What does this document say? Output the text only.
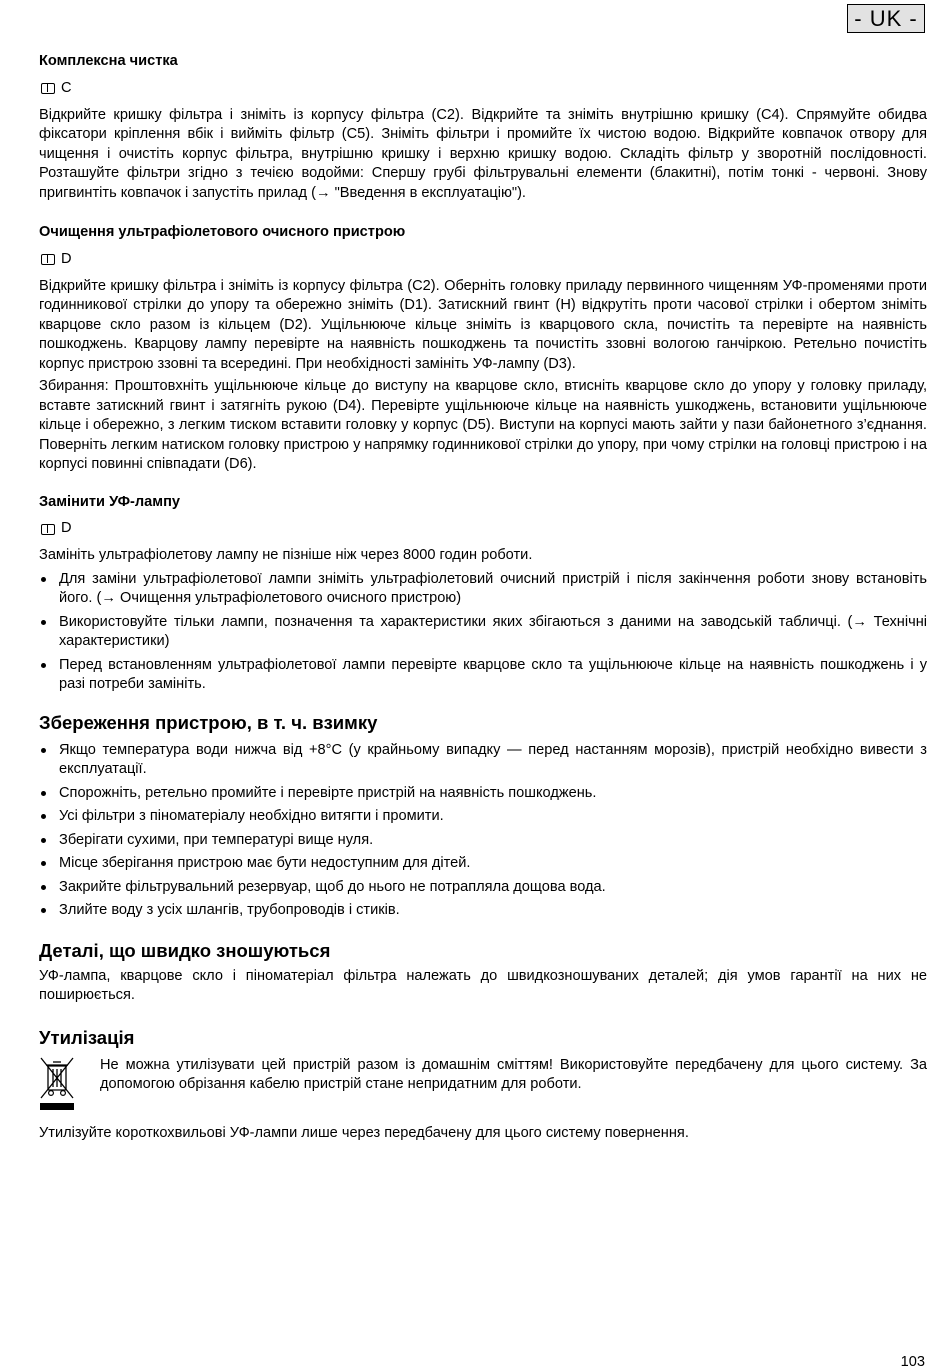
- UK -

Комплексна чистка

C

Відкрийте кришку фільтра і зніміть із корпусу фільтра (C2). Відкрийте та зніміть внутрішню кришку (C4). Спрямуйте обидва фіксатори кріплення вбік і вийміть фільтр (C5). Зніміть фільтри і промийте їх чистою водою. Відкрийте ковпачок отвору для чищення і очистіть корпус фільтра, внутрішню кришку і верхню кришку водою. Складіть фільтр у зворотній послідовності. Розташуйте фільтри згідно з течією водойми: Спершу грубі фільтрувальні елементи (блакитні), потім тонкі - червоні. Знову пригвинтіть ковпачок і запустіть прилад (→ "Введення в експлуатацію").

Очищення ультрафіолетового очисного пристрою

D

Відкрийте кришку фільтра і зніміть із корпусу фільтра (C2). Оберніть головку приладу первинного чищенням УФ-променями проти годинникової стрілки до упору та обережно зніміть (D1). Затискний гвинт (H) відкрутіть проти часової стрілки і обертом зніміть кварцове скло разом із кільцем (D2). Ущільнююче кільце зніміть із кварцового скла, почистіть та перевірте на наявність пошкоджень. Кварцову лампу перевірте на наявність пошкоджень та почистіть ззовні вологою ганчіркою. Ретельно почистіть корпус пристрою ззовні та всередині. При необхідності замініть УФ-лампу (D3).

Збирання: Проштовхніть ущільнююче кільце до виступу на кварцове скло, втисніть кварцове скло до упору у головку приладу, вставте затискний гвинт і затягніть рукою (D4). Перевірте ущільнююче кільце на наявність ушкоджень, встановити ущільнююче кільце і обережно, з легким тиском вставити головку у корпус (D5). Виступи на корпусі мають зайти у пази байонетного з’єднання. Поверніть легким натиском головку пристрою у напрямку годинникової стрілки до упору, при чому стрілки на головці пристрою і на корпусі повинні співпадати (D6).

Замінити УФ-лампу

D

Замініть ультрафіолетову лампу не пізніше ніж через 8000 годин роботи.

Для заміни ультрафіолетової лампи зніміть ультрафіолетовий очисний пристрій і після закінчення роботи знову встановіть його. (→ Очищення ультрафіолетового очисного пристрою)
Використовуйте тільки лампи, позначення та характеристики яких збігаються з даними на заводській табличці. (→ Технічні характеристики)
Перед встановленням ультрафіолетової лампи перевірте кварцове скло та ущільнююче кільце на наявність пошкоджень і у разі потреби замініть.
Збереження пристрою, в т. ч. взимку
Якщо температура води нижча від +8°C (у крайньому випадку — перед настанням морозів), пристрій необхідно вивести з експлуатації.
Спорожніть, ретельно промийте і перевірте пристрій на наявність пошкоджень.
Усі фільтри з піноматеріалу необхідно витягти і промити.
Зберігати сухими, при температурі вище нуля.
Місце зберігання пристрою має бути недоступним для дітей.
Закрийте фільтрувальний резервуар, щоб до нього не потрапляла дощова вода.
Злийте воду з усіх шлангів, трубопроводів і стиків.
Деталі, що швидко зношуються

УФ-лампа, кварцове скло і піноматеріал фільтра належать до швидкозношуваних деталей; дія умов гарантії на них не поширюється.

Утилізація

Не можна утилізувати цей пристрій разом із домашнім сміттям! Використовуйте передбачену для цього систему. За допомогою обрізання кабелю пристрій стане непридатним для роботи.

Утилізуйте короткохвильові УФ-лампи лише через передбачену для цього систему повернення.

103
